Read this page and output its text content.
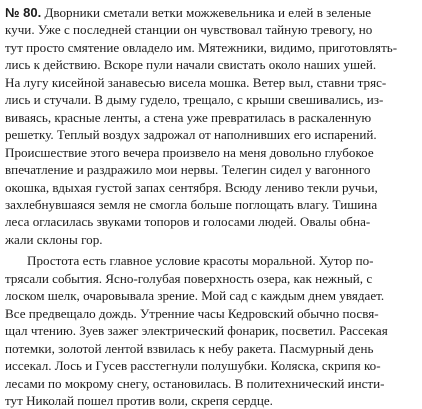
№ 80. Дворники сметали ветки можжевельника и елей в зеленые
кучи. Уже с последней станции он чувствовал тайную тревогу, но
тут просто смятение овладело им. Мятежники, видимо, приготовлять-
лись к действию. Вскоре пули начали свистать около наших ушей.
На лугу кисейной занавесью висела мошка. Ветер выл, ставни тряс-
лись и стучали. В дыму гудело, трещало, с крыши свешивались, из-
виваясь, красные ленты, а стена уже превратилась в раскаленную
решетку. Теплый воздух задрожал от наполнивших его испарений.
Происшествие этого вечера произвело на меня довольно глубокое
впечатление и раздражило мои нервы. Телегин сидел у вагонного
окошка, вдыхая густой запах сентября. Всюду лениво текли ручьи,
захлебнувшаяся земля не смогла больше поглощать влагу. Тишина
леса огласилась звуками топоров и голосами людей. Овалы обна-
жали склоны гор.
Простота есть главное условие красоты моральной. Хутор по-
трясали события. Ясно-голубая поверхность озера, как нежный, с
лоском шелк, очаровывала зрение. Мой сад с каждым днем увядает.
Все предвещало дождь. Утренние часы Кедровский обычно посвя-
щал чтению. Зуев зажег электрический фонарик, посветил. Рассекая
потемки, золотой лентой взвилась к небу ракета. Пасмурный день
иссекал. Лось и Гусев расстегнули полушубки. Коляска, скрипя ко-
лесами по мокрому снегу, остановилась. В политехнический инсти-
тут Николай пошел против воли, скрепя сердце.
